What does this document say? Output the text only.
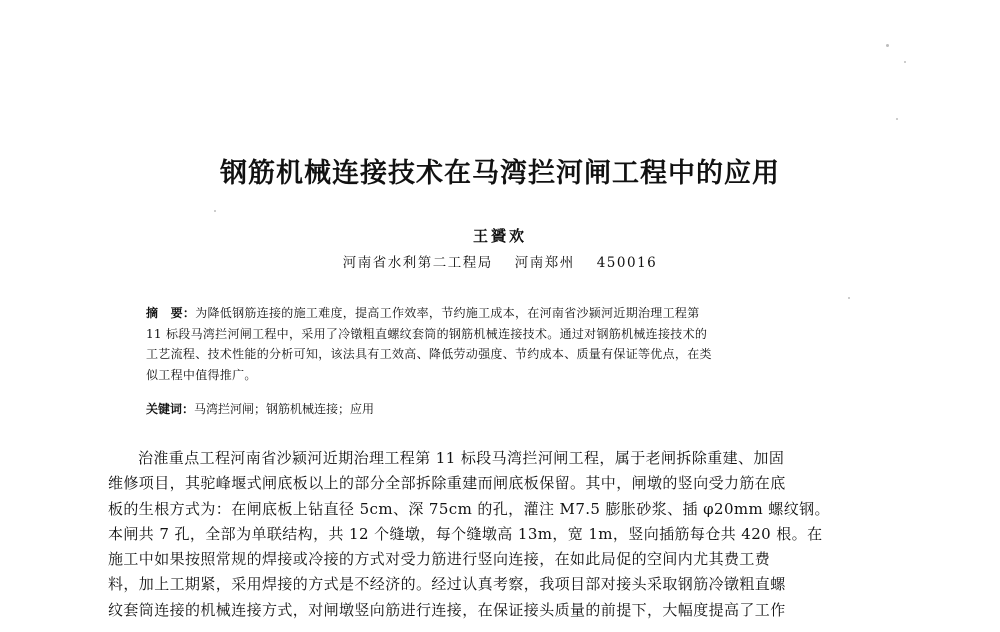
钢筋机械连接技术在马湾拦河闸工程中的应用
王贇欢
河南省水利第二工程局 河南郑州 450016
摘　要：为降低钢筋连接的施工难度，提高工作效率，节约施工成本，在河南省沙颍河近期治理工程第
11 标段马湾拦河闸工程中，采用了冷镦粗直螺纹套筒的钢筋机械连接技术。通过对钢筋机械连接技术的
工艺流程、技术性能的分析可知，该法具有工效高、降低劳动强度、节约成本、质量有保证等优点，在类
似工程中值得推广。
关键词：马湾拦河闸；钢筋机械连接；应用
治淮重点工程河南省沙颍河近期治理工程第 11 标段马湾拦河闸工程，属于老闸拆除重建、加固
维修项目，其驼峰堰式闸底板以上的部分全部拆除重建而闸底板保留。其中，闸墩的竖向受力筋在底
板的生根方式为：在闸底板上钻直径 5cm、深 75cm 的孔，灌注 M7.5 膨胀砂浆、插 φ20mm 螺纹钢。
本闸共 7 孔，全部为单联结构，共 12 个缝墩，每个缝墩高 13m，宽 1m，竖向插筋每仓共 420 根。在
施工中如果按照常规的焊接或冷接的方式对受力筋进行竖向连接，在如此局促的空间内尤其费工费
料，加上工期紧，采用焊接的方式是不经济的。经过认真考察，我项目部对接头采取钢筋冷镦粗直螺
纹套筒连接的机械连接方式，对闸墩竖向筋进行连接，在保证接头质量的前提下，大幅度提高了工作
